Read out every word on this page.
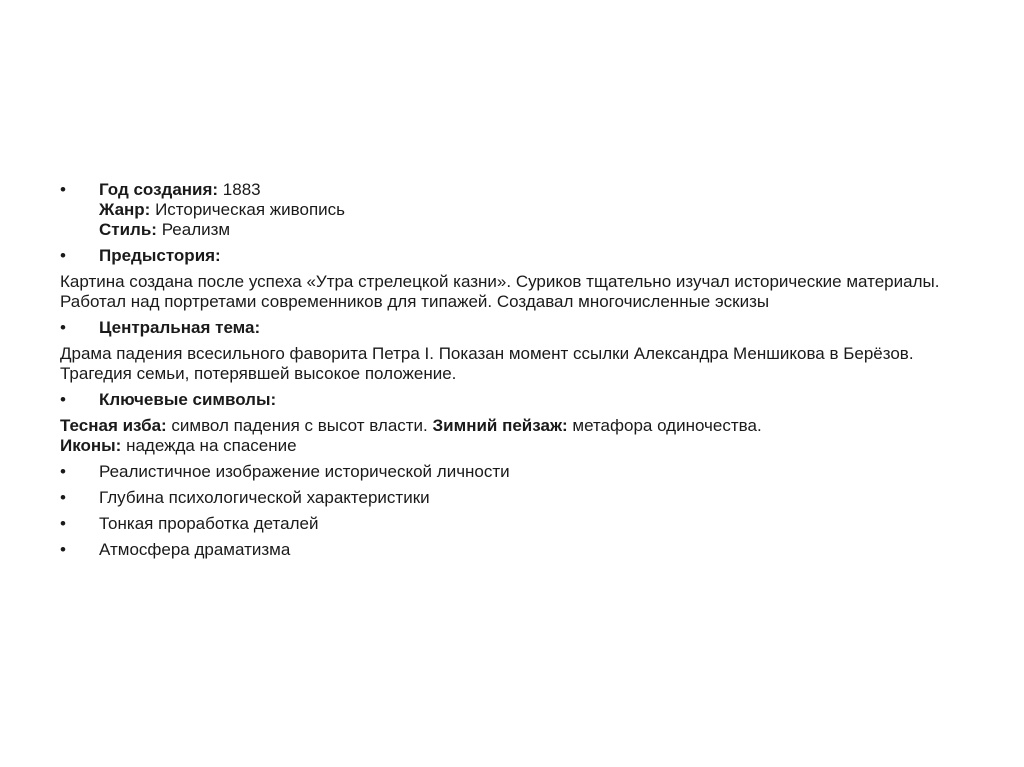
•	Год создания: 1883
Жанр: Историческая живопись
Стиль: Реализм
•	Предыстория:
Картина создана после успеха «Утра стрелецкой казни». Суриков тщательно изучал исторические материалы. Работал над портретами современников для типажей. Создавал многочисленные эскизы
•	Центральная тема:
Драма падения всесильного фаворита Петра I. Показан момент ссылки Александра Меншикова в Берёзов. Трагедия семьи, потерявшей высокое положение.
•	Ключевые символы:
Тесная изба: символ падения с высот власти. Зимний пейзаж: метафора одиночества.
Иконы: надежда на спасение
•	Реалистичное изображение исторической личности
•	Глубина психологической характеристики
•	Тонкая проработка деталей
•	Атмосфера драматизма
